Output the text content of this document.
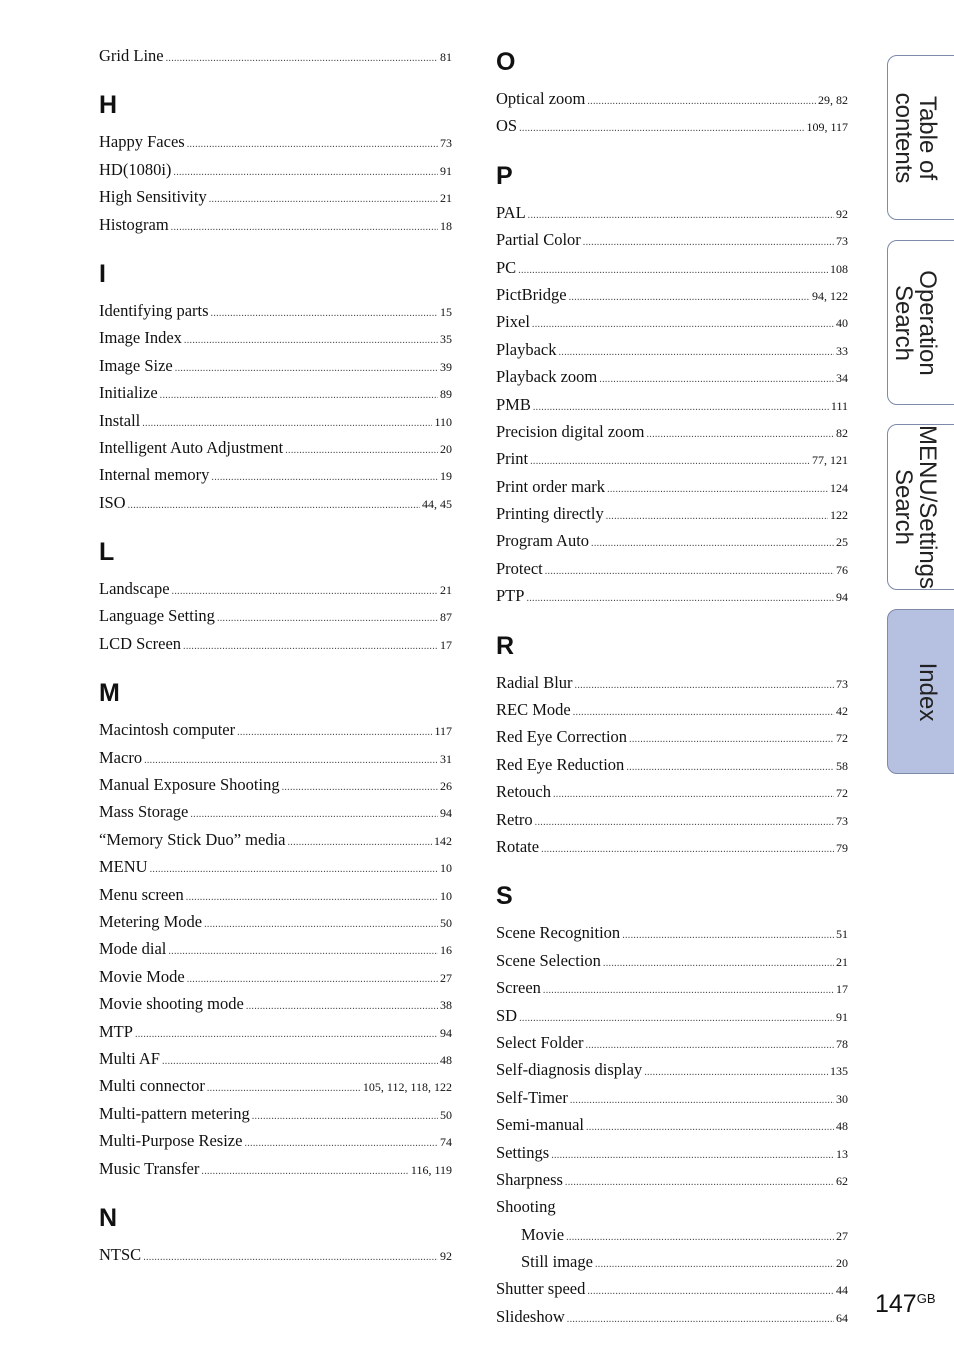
Grid Line .....	81
H
Happy Faces .....	73
HD(1080i) .....	91
High Sensitivity .....	21
Histogram .....	18
I
Identifying parts .....	15
Image Index .....	35
Image Size .....	39
Initialize .....	89
Install .....	110
Intelligent Auto Adjustment .....	20
Internal memory .....	19
ISO .....	44, 45
L
Landscape .....	21
Language Setting .....	87
LCD Screen .....	17
M
Macintosh computer .....	117
Macro .....	31
Manual Exposure Shooting .....	26
Mass Storage .....	94
“Memory Stick Duo” media .....	142
MENU .....	10
Menu screen .....	10
Metering Mode .....	50
Mode dial .....	16
Movie Mode .....	27
Movie shooting mode .....	38
MTP .....	94
Multi AF .....	48
Multi connector .....	105, 112, 118, 122
Multi-pattern metering .....	50
Multi-Purpose Resize .....	74
Music Transfer .....	116, 119
N
NTSC .....	92
O
Optical zoom .....	29, 82
OS .....	109, 117
P
PAL .....	92
Partial Color .....	73
PC .....	108
PictBridge .....	94, 122
Pixel .....	40
Playback .....	33
Playback zoom .....	34
PMB .....	111
Precision digital zoom .....	82
Print .....	77, 121
Print order mark .....	124
Printing directly .....	122
Program Auto .....	25
Protect .....	76
PTP .....	94
R
Radial Blur .....	73
REC Mode .....	42
Red Eye Correction .....	72
Red Eye Reduction .....	58
Retouch .....	72
Retro .....	73
Rotate .....	79
S
Scene Recognition .....	51
Scene Selection .....	21
Screen .....	17
SD .....	91
Select Folder .....	78
Self-diagnosis display .....	135
Self-Timer .....	30
Semi-manual .....	48
Settings .....	13
Sharpness .....	62
Shooting
Movie .....	27
Still image .....	20
Shutter speed .....	44
Slideshow .....	64
Table of
contents
Operation
Search
MENU/Settings
Search
Index
$147^{GB}$
